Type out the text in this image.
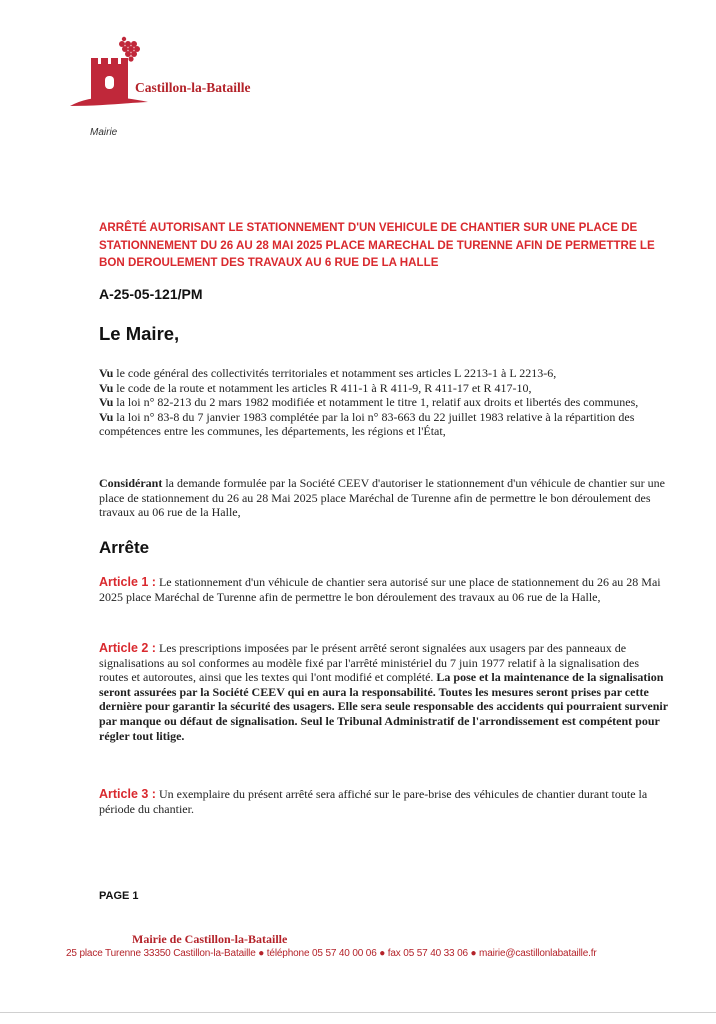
Castillon-la-Bataille
Mairie
ARRÊTÉ AUTORISANT LE STATIONNEMENT D'UN VEHICULE DE CHANTIER SUR UNE PLACE DE STATIONNEMENT DU 26 AU 28 MAI 2025 PLACE MARECHAL DE TURENNE AFIN DE PERMETTRE LE BON DEROULEMENT DES TRAVAUX AU 6 RUE DE LA HALLE
A-25-05-121/PM
Le Maire,

Vu le code général des collectivités territoriales et notamment ses articles L 2213-1 à L 2213-6,

Vu le code de la route et notamment les articles R 411-1 à R 411-9, R 411-17 et R 417-10,

Vu la loi n° 82-213 du 2 mars 1982 modifiée et notamment le titre 1, relatif aux droits et libertés des communes,

Vu la loi n° 83-8 du 7 janvier 1983 complétée par la loi n° 83-663 du 22 juillet 1983 relative à la répartition des compétences entre les communes, les départements, les régions et l'État,

Considérant la demande formulée par la Société CEEV d'autoriser le stationnement d'un véhicule de chantier sur une place de stationnement du 26 au 28 Mai 2025 place Maréchal de Turenne afin de permettre le bon déroulement des travaux au 06 rue de la Halle,

Arrête

Article 1 : Le stationnement d'un véhicule de chantier sera autorisé sur une place de stationnement du 26 au 28 Mai 2025 place Maréchal de Turenne afin de permettre le bon déroulement des travaux au 06 rue de la Halle,

Article 2 : Les prescriptions imposées par le présent arrêté seront signalées aux usagers par des panneaux de signalisations au sol conformes au modèle fixé par l'arrêté ministériel du 7 juin 1977 relatif à la signalisation des routes et autoroutes, ainsi que les textes qui l'ont modifié et complété. La pose et la maintenance de la signalisation seront assurées par la Société CEEV qui en aura la responsabilité. Toutes les mesures seront prises par cette dernière pour garantir la sécurité des usagers. Elle sera seule responsable des accidents qui pourraient survenir par manque ou défaut de signalisation. Seul le Tribunal Administratif de l'arrondissement est compétent pour régler tout litige.

Article 3 : Un exemplaire du présent arrêté sera affiché sur le pare-brise des véhicules de chantier durant toute la période du chantier.

PAGE 1
Mairie de Castillon-la-Bataille
25 place Turenne 33350 Castillon-la-Bataille ● téléphone 05 57 40 00 06 ● fax 05 57 40 33 06 ● mairie@castillonlabataille.fr
